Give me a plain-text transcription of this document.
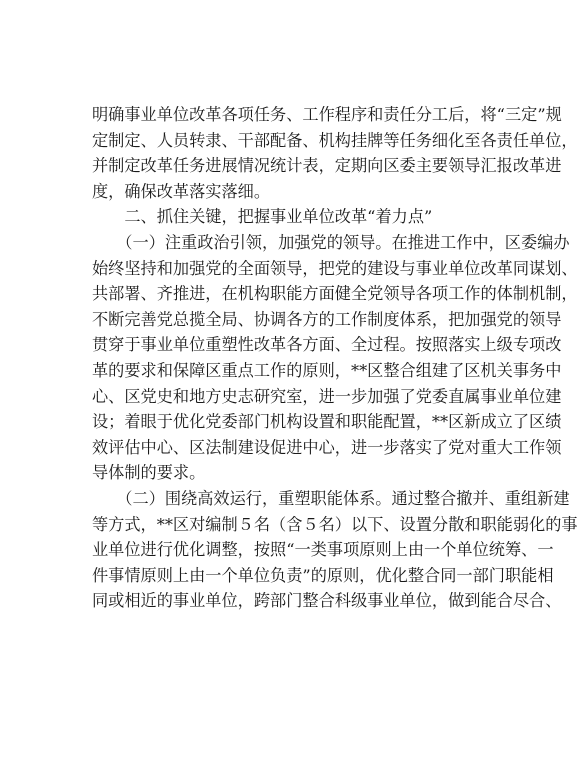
明确事业单位改革各项任务、工作程序和责任分工后，将“三定”规
定制定、人员转隶、干部配备、机构挂牌等任务细化至各责任单位，
并制定改革任务进展情况统计表，定期向区委主要领导汇报改革进
度，确保改革落实落细。
　　二、抓住关键，把握事业单位改革“着力点”
　　（一）注重政治引领，加强党的领导。在推进工作中，区委编办
始终坚持和加强党的全面领导，把党的建设与事业单位改革同谋划、
共部署、齐推进，在机构职能方面健全党领导各项工作的体制机制，
不断完善党总揽全局、协调各方的工作制度体系，把加强党的领导
贯穿于事业单位重塑性改革各方面、全过程。按照落实上级专项改
革的要求和保障区重点工作的原则，**区整合组建了区机关事务中
心、区党史和地方史志研究室，进一步加强了党委直属事业单位建
设；着眼于优化党委部门机构设置和职能配置，**区新成立了区绩
效评估中心、区法制建设促进中心，进一步落实了党对重大工作领
导体制的要求。
　　（二）围绕高效运行，重塑职能体系。通过整合撤并、重组新建
等方式，**区对编制５名（含５名）以下、设置分散和职能弱化的事
业单位进行优化调整，按照“一类事项原则上由一个单位统筹、一
件事情原则上由一个单位负责”的原则，优化整合同一部门职能相
同或相近的事业单位，跨部门整合科级事业单位，做到能合尽合、
